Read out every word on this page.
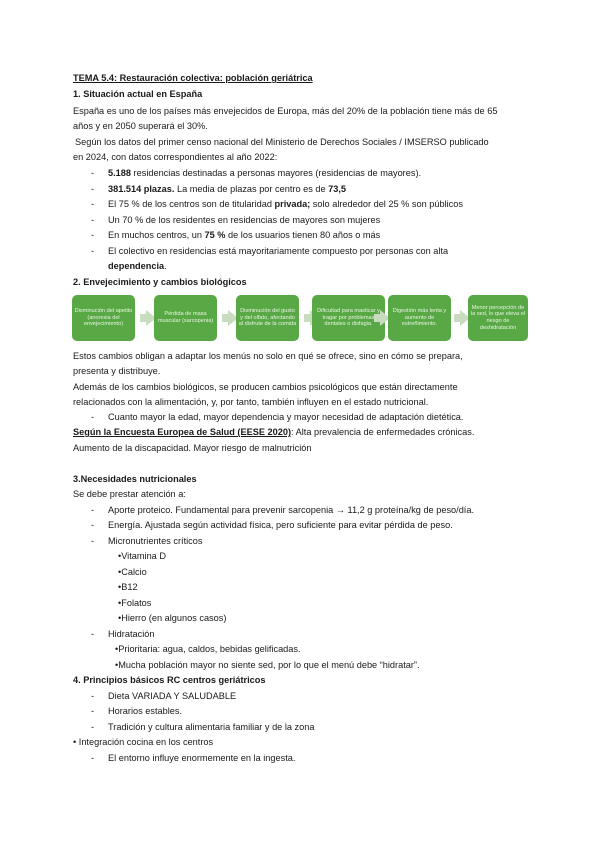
TEMA 5.4: Restauración colectiva: población geriátrica
1. Situación actual en España
España es uno de los países más envejecidos de Europa, más del 20% de la población tiene más de 65
años y en 2050 superará el 30%.
Según los datos del primer censo nacional del Ministerio de Derechos Sociales / IMSERSO publicado
en 2024, con datos correspondientes al año 2022:
-	5.188 residencias destinadas a personas mayores (residencias de mayores).
-	381.514 plazas. La media de plazas por centro es de 73,5
-	El 75 % de los centros son de titularidad privada; solo alrededor del 25 % son públicos
-	Un 70 % de los residentes en residencias de mayores son mujeres
-	En muchos centros, un 75 % de los usuarios tienen 80 años o más
-	El colectivo en residencias está mayoritariamente compuesto por personas con alta
dependencia.
2. Envejecimiento y cambios biológicos
Disminución del apetito (anorexia del envejecimiento)
Pérdida de masa muscular (sarcopenia)
Disminución del gusto y del olfato, afectando al disfrute de la comida
Dificultad para masticar y tragar por problemas dentales o disfagia.
Digestión más lenta y aumento de estreñimiento.
Menor percepción de la sed, lo que eleva el riesgo de deshidratación
Estos cambios obligan a adaptar los menús no solo en qué se ofrece, sino en cómo se prepara,
presenta y distribuye.
Además de los cambios biológicos, se producen cambios psicológicos que están directamente
relacionados con la alimentación, y, por tanto, también influyen en el estado nutricional.
-	Cuanto mayor la edad, mayor dependencia y mayor necesidad de adaptación dietética.
Según la Encuesta Europea de Salud (EESE 2020): Alta prevalencia de enfermedades crónicas.
Aumento de la discapacidad. Mayor riesgo de malnutrición
3.Necesidades nutricionales
Se debe prestar atención a:
-	Aporte proteico. Fundamental para prevenir sarcopenia → 11,2 g proteína/kg de peso/día.
-	Energía. Ajustada según actividad física, pero suficiente para evitar pérdida de peso.
-	Micronutrientes críticos
•Vitamina D
•Calcio
•B12
•Folatos
•Hierro (en algunos casos)
-	Hidratación
•Prioritaria: agua, caldos, bebidas gelificadas.
•Mucha población mayor no siente sed, por lo que el menú debe “hidratar”.
4. Principios básicos RC centros geriátricos
-	Dieta VARIADA Y SALUDABLE
-	Horarios estables.
-	Tradición y cultura alimentaria familiar y de la zona
• Integración cocina en los centros
-	El entorno influye enormemente en la ingesta.
